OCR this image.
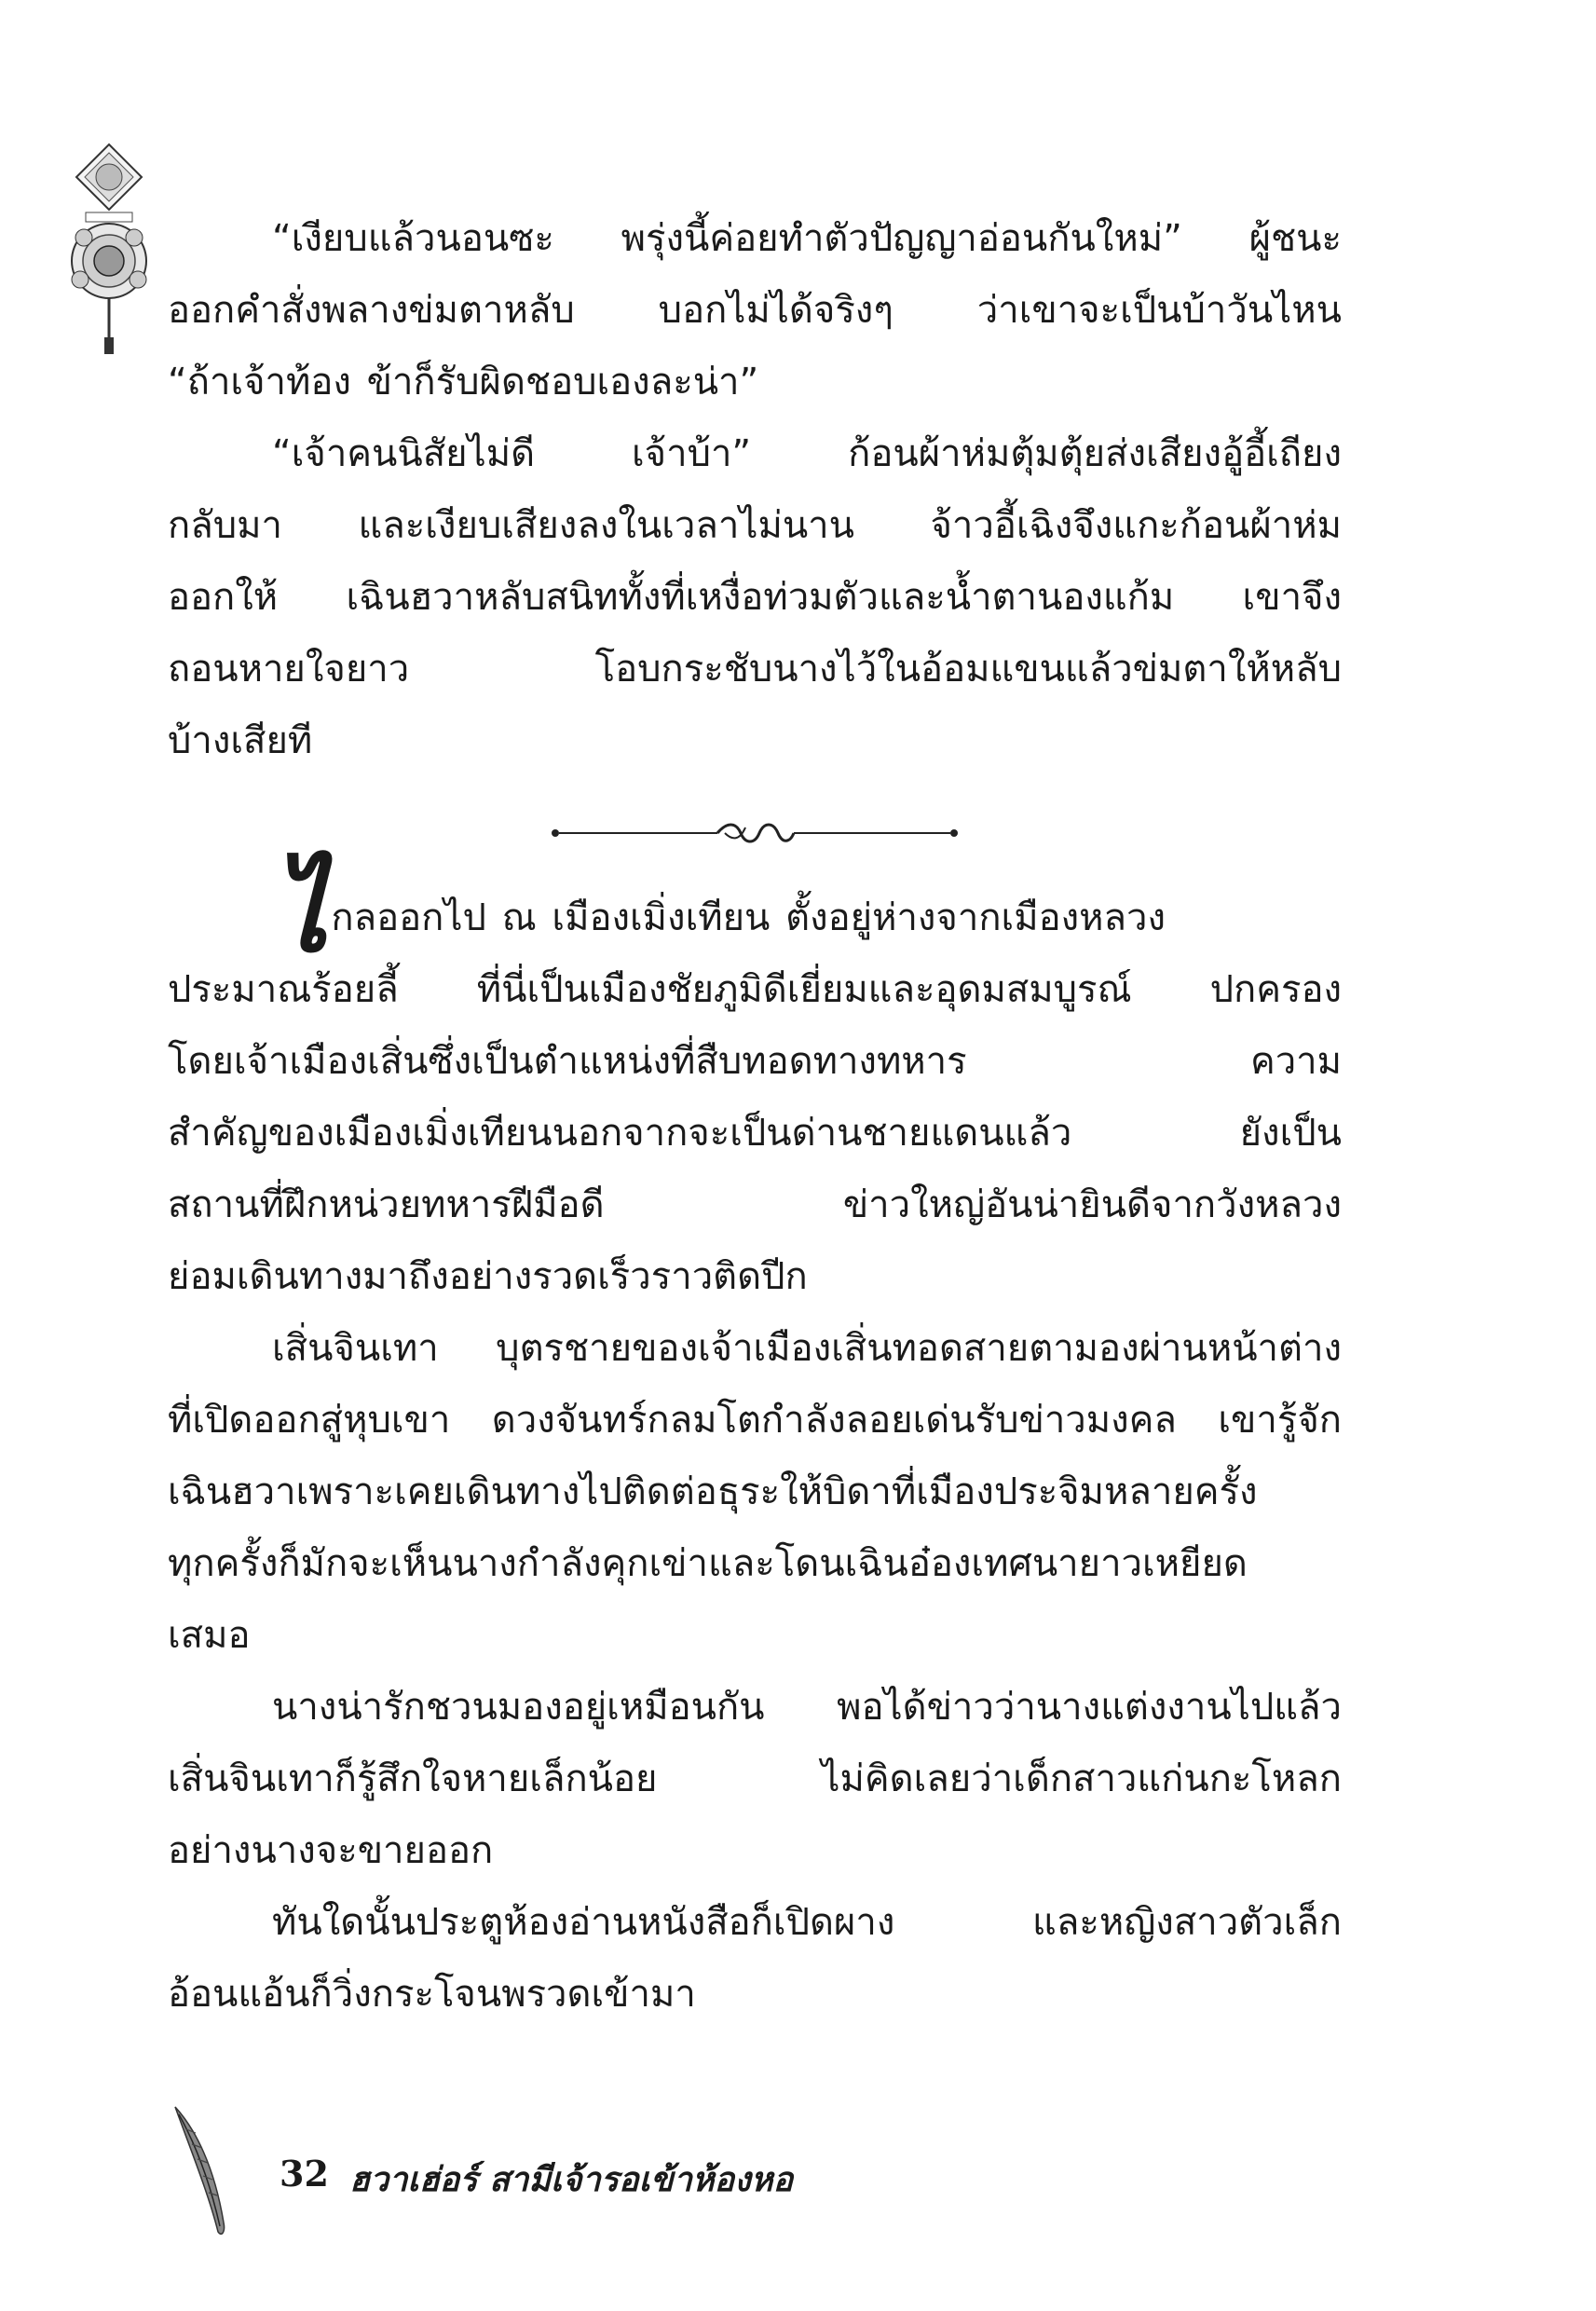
“เงียบแล้วนอนซะ พรุ่งนี้ค่อยทำตัวปัญญาอ่อนกันใหม่” ผู้ชนะ
ออกคำสั่งพลางข่มตาหลับ บอกไม่ได้จริงๆ ว่าเขาจะเป็นบ้าวันไหน
“ถ้าเจ้าท้อง ข้าก็รับผิดชอบเองละน่า”

“เจ้าคนนิสัยไม่ดี เจ้าบ้า” ก้อนผ้าห่มตุ้มตุ้ยส่งเสียงอู้อี้เถียง
กลับมา และเงียบเสียงลงในเวลาไม่นาน จ้าวอี้เฉิงจึงแกะก้อนผ้าห่ม
ออกให้ เฉินฮวาหลับสนิททั้งที่เหงื่อท่วมตัวและน้ำตานองแก้ม เขาจึง
ถอนหายใจยาว โอบกระชับนางไว้ในอ้อมแขนแล้วข่มตาให้หลับ
บ้างเสียที

ไกลออกไป ณ เมืองเมิ่งเทียน ตั้งอยู่ห่างจากเมืองหลวง
ประมาณร้อยลี้ ที่นี่เป็นเมืองชัยภูมิดีเยี่ยมและอุดมสมบูรณ์ ปกครอง
โดยเจ้าเมืองเสิ่นซึ่งเป็นตำแหน่งที่สืบทอดทางทหาร ความ
สำคัญของเมืองเมิ่งเทียนนอกจากจะเป็นด่านชายแดนแล้ว ยังเป็น
สถานที่ฝึกหน่วยทหารฝีมือดี ข่าวใหญ่อันน่ายินดีจากวังหลวง
ย่อมเดินทางมาถึงอย่างรวดเร็วราวติดปีก

เสิ่นจินเทา บุตรชายของเจ้าเมืองเสิ่นทอดสายตามองผ่านหน้าต่าง
ที่เปิดออกสู่หุบเขา ดวงจันทร์กลมโตกำลังลอยเด่นรับข่าวมงคล เขารู้จัก
เฉินฮวาเพราะเคยเดินทางไปติดต่อธุระให้บิดาที่เมืองประจิมหลายครั้ง
ทุกครั้งก็มักจะเห็นนางกำลังคุกเข่าและโดนเฉินอ๋องเทศนายาวเหยียด
เสมอ

นางน่ารักชวนมองอยู่เหมือนกัน พอได้ข่าวว่านางแต่งงานไปแล้ว
เสิ่นจินเทาก็รู้สึกใจหายเล็กน้อย ไม่คิดเลยว่าเด็กสาวแก่นกะโหลก
อย่างนางจะขายออก

ทันใดนั้นประตูห้องอ่านหนังสือก็เปิดผาง และหญิงสาวตัวเล็ก
อ้อนแอ้นก็วิ่งกระโจนพรวดเข้ามา

32 ฮวาเฮ่อร์ สามีเจ้ารอเข้าห้องหอ
